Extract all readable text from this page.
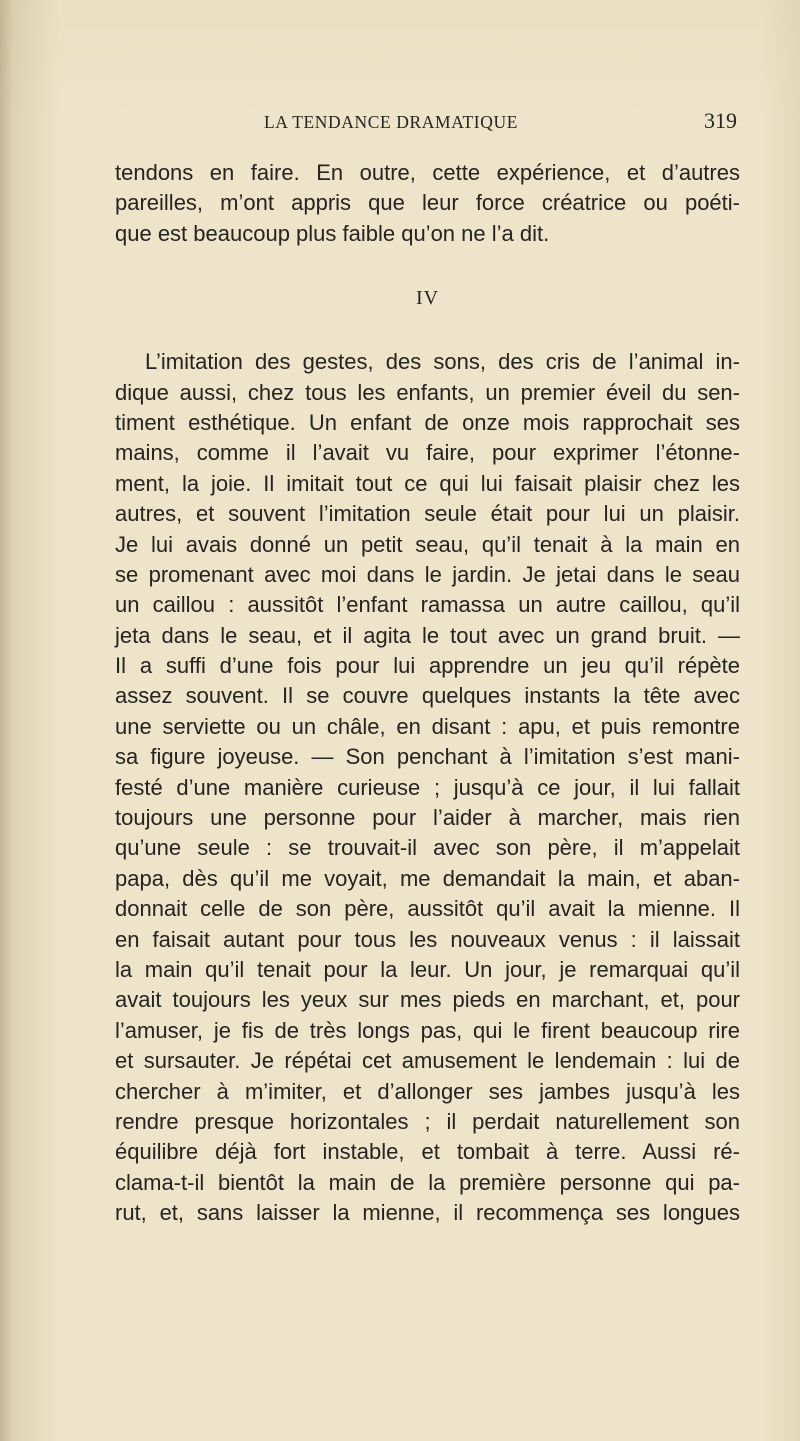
LA TENDANCE DRAMATIQUE	319
tendons en faire. En outre, cette expérience, et d’autres
pareilles, m’ont appris que leur force créatrice ou poéti-
que est beaucoup plus faible qu’on ne l’a dit.
IV
L’imitation des gestes, des sons, des cris de l’animal in-
dique aussi, chez tous les enfants, un premier éveil du sen-
timent esthétique. Un enfant de onze mois rapprochait ses
mains, comme il l’avait vu faire, pour exprimer l’étonne-
ment, la joie. Il imitait tout ce qui lui faisait plaisir chez les
autres, et souvent l’imitation seule était pour lui un plaisir.
Je lui avais donné un petit seau, qu’il tenait à la main en
se promenant avec moi dans le jardin. Je jetai dans le seau
un caillou : aussitôt l’enfant ramassa un autre caillou, qu’il
jeta dans le seau, et il agita le tout avec un grand bruit. —
Il a suffi d’une fois pour lui apprendre un jeu qu’il répète
assez souvent. Il se couvre quelques instants la tête avec
une serviette ou un châle, en disant : apu, et puis remontre
sa figure joyeuse. — Son penchant à l’imitation s’est mani-
festé d’une manière curieuse ; jusqu’à ce jour, il lui fallait
toujours une personne pour l’aider à marcher, mais rien
qu’une seule : se trouvait-il avec son père, il m’appelait
papa, dès qu’il me voyait, me demandait la main, et aban-
donnait celle de son père, aussitôt qu’il avait la mienne. Il
en faisait autant pour tous les nouveaux venus : il laissait
la main qu’il tenait pour la leur. Un jour, je remarquai qu’il
avait toujours les yeux sur mes pieds en marchant, et, pour
l’amuser, je fis de très longs pas, qui le firent beaucoup rire
et sursauter. Je répétai cet amusement le lendemain : lui de
chercher à m’imiter, et d’allonger ses jambes jusqu’à les
rendre presque horizontales ; il perdait naturellement son
équilibre déjà fort instable, et tombait à terre. Aussi ré-
clama-t-il bientôt la main de la première personne qui pa-
rut, et, sans laisser la mienne, il recommença ses longues
